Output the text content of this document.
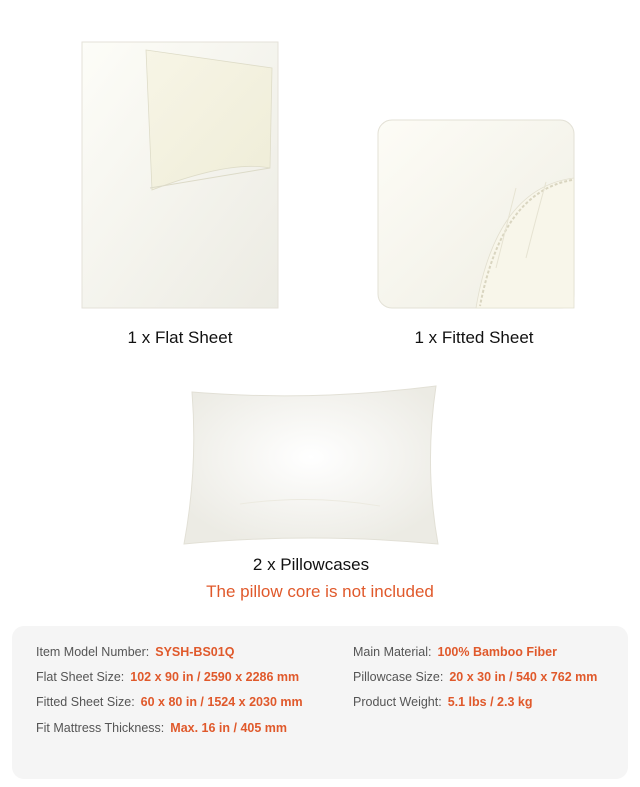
1 x Flat Sheet	1 x Fitted Sheet
2 x Pillowcases
The pillow core is not included
Item Model Number: SYSH-BS01Q
Flat Sheet Size: 102 x 90 in / 2590 x 2286 mm
Fitted Sheet Size: 60 x 80 in / 1524 x 2030 mm
Fit Mattress Thickness: Max. 16 in / 405 mm
Main Material: 100% Bamboo Fiber
Pillowcase Size: 20 x 30 in / 540 x 762 mm
Product Weight: 5.1 lbs / 2.3 kg
